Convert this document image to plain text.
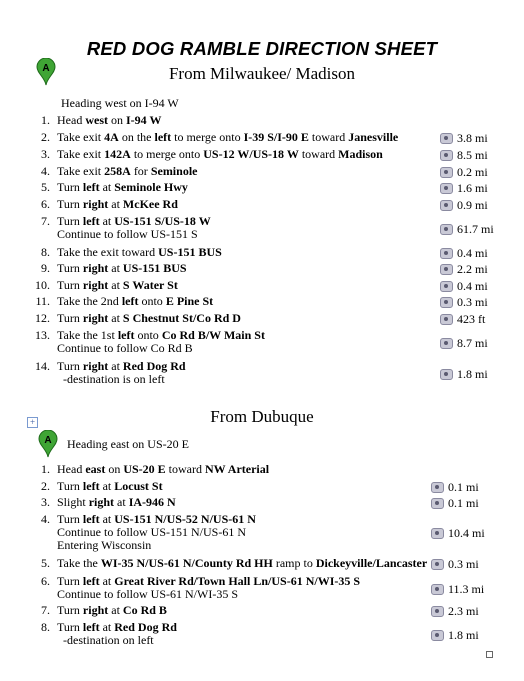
RED DOG RAMBLE DIRECTION SHEET
A	From Milwaukee/ Madison
Heading west on I-94 W
1. Head west on I-94 W
2. Take exit 4A on the left to merge onto I-39 S/I-90 E toward Janesville	3.8 mi
3. Take exit 142A to merge onto US-12 W/US-18 W toward Madison	8.5 mi
4. Take exit 258A for Seminole	0.2 mi
5. Turn left at Seminole Hwy	1.6 mi
6. Turn right at McKee Rd	0.9 mi
7. Turn left at US-151 S/US-18 W
Continue to follow US-151 S	61.7 mi
8. Take the exit toward US-151 BUS	0.4 mi
9. Turn right at US-151 BUS	2.2 mi
10. Turn right at S Water St	0.4 mi
11. Take the 2nd left onto E Pine St	0.3 mi
12. Turn right at S Chestnut St/Co Rd D	423 ft
13. Take the 1st left onto Co Rd B/W Main St
Continue to follow Co Rd B	8.7 mi
14. Turn right at Red Dog Rd
-destination is on left	1.8 mi
+	From Dubuque
A Heading east on US-20 E
1. Head east on US-20 E toward NW Arterial
2. Turn left at Locust St	0.1 mi
3. Slight right at IA-946 N	0.1 mi
4. Turn left at US-151 N/US-52 N/US-61 N
Continue to follow US-151 N/US-61 N
Entering Wisconsin
10.4 mi
5. Take the WI-35 N/US-61 N/County Rd HH ramp to Dickeyville/Lancaster 0.3 mi
6. Turn left at Great River Rd/Town Hall Ln/US-61 N/WI-35 S
Continue to follow US-61 N/WI-35 S	11.3 mi
7. Turn right at Co Rd B	2.3 mi
8. Turn left at Red Dog Rd
-destination on left	1.8 mi
